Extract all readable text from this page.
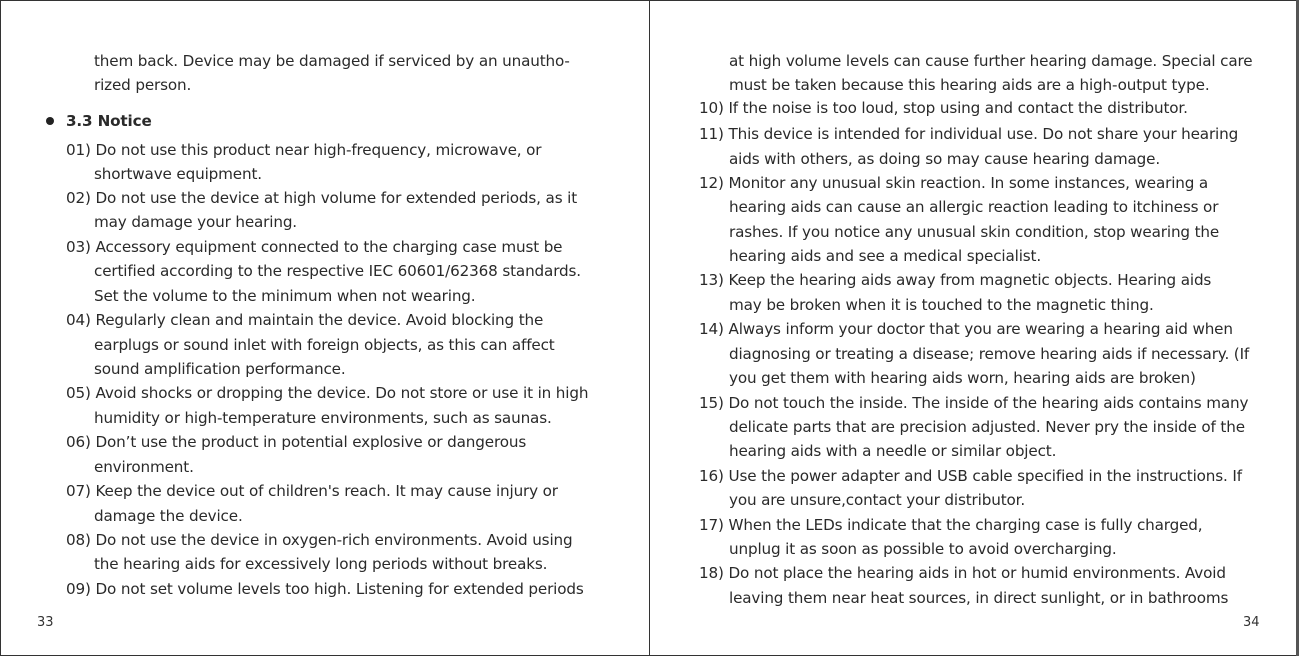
them back. Device may be damaged if serviced by an unautho-
rized person.
3.3 Notice
01) Do not use this product near high-frequency, microwave, or
shortwave equipment.
02) Do not use the device at high volume for extended periods, as it
may damage your hearing.
03) Accessory equipment connected to the charging case must be
certified according to the respective IEC 60601/62368 standards.
Set the volume to the minimum when not wearing.
04) Regularly clean and maintain the device. Avoid blocking the
earplugs or sound inlet with foreign objects, as this can affect
sound amplification performance.
05) Avoid shocks or dropping the device. Do not store or use it in high
humidity or high-temperature environments, such as saunas.
06) Don’t use the product in potential explosive or dangerous
environment.
07) Keep the device out of children's reach. It may cause injury or
damage the device.
08) Do not use the device in oxygen-rich environments. Avoid using
the hearing aids for excessively long periods without breaks.
09) Do not set volume levels too high. Listening for extended periods
33
at high volume levels can cause further hearing damage. Special care
must be taken because this hearing aids are a high-output type.
10) If the noise is too loud, stop using and contact the distributor.
11) This device is intended for individual use. Do not share your hearing
aids with others, as doing so may cause hearing damage.
12) Monitor any unusual skin reaction. In some instances, wearing a
hearing aids can cause an allergic reaction leading to itchiness or
rashes. If you notice any unusual skin condition, stop wearing the
hearing aids and see a medical specialist.
13) Keep the hearing aids away from magnetic objects. Hearing aids
may be broken when it is touched to the magnetic thing.
14) Always inform your doctor that you are wearing a hearing aid when
diagnosing or treating a disease; remove hearing aids if necessary. (If
you get them with hearing aids worn, hearing aids are broken)
15) Do not touch the inside. The inside of the hearing aids contains many
delicate parts that are precision adjusted. Never pry the inside of the
hearing aids with a needle or similar object.
16) Use the power adapter and USB cable specified in the instructions. If
you are unsure,contact your distributor.
17) When the LEDs indicate that the charging case is fully charged,
unplug it as soon as possible to avoid overcharging.
18) Do not place the hearing aids in hot or humid environments. Avoid
leaving them near heat sources, in direct sunlight, or in bathrooms
34
